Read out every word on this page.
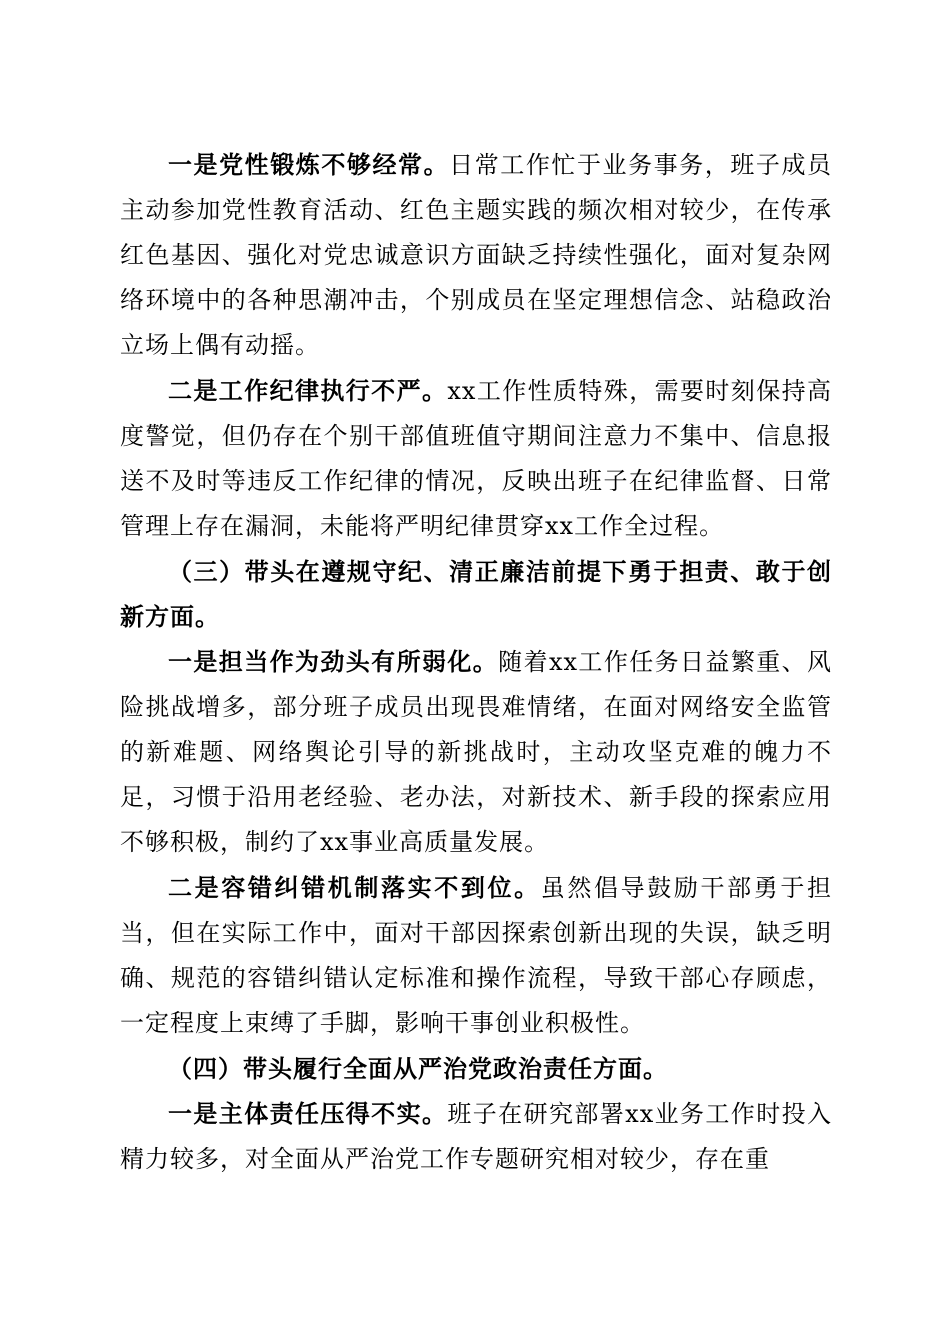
一是党性锻炼不够经常。日常工作忙于业务事务，班子成员主动参加党性教育活动、红色主题实践的频次相对较少，在传承红色基因、强化对党忠诚意识方面缺乏持续性强化，面对复杂网络环境中的各种思潮冲击，个别成员在坚定理想信念、站稳政治立场上偶有动摇。

二是工作纪律执行不严。xx工作性质特殊，需要时刻保持高度警觉，但仍存在个别干部值班值守期间注意力不集中、信息报送不及时等违反工作纪律的情况，反映出班子在纪律监督、日常管理上存在漏洞，未能将严明纪律贯穿xx工作全过程。

（三）带头在遵规守纪、清正廉洁前提下勇于担责、敢于创新方面。

一是担当作为劲头有所弱化。随着xx工作任务日益繁重、风险挑战增多，部分班子成员出现畏难情绪，在面对网络安全监管的新难题、网络舆论引导的新挑战时，主动攻坚克难的魄力不足，习惯于沿用老经验、老办法，对新技术、新手段的探索应用不够积极，制约了xx事业高质量发展。

二是容错纠错机制落实不到位。虽然倡导鼓励干部勇于担当，但在实际工作中，面对干部因探索创新出现的失误，缺乏明确、规范的容错纠错认定标准和操作流程，导致干部心存顾虑，一定程度上束缚了手脚，影响干事创业积极性。

（四）带头履行全面从严治党政治责任方面。

一是主体责任压得不实。班子在研究部署xx业务工作时投入精力较多，对全面从严治党工作专题研究相对较少，存在重
